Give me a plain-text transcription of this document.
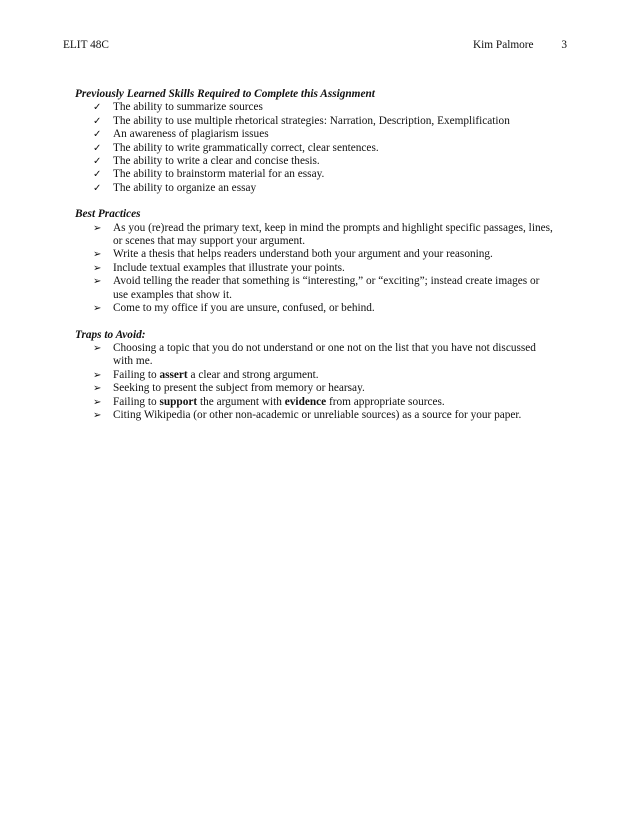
ELIT 48C	Kim Palmore 3

Previously Learned Skills Required to Complete this Assignment

✓	The ability to summarize sources
✓	The ability to use multiple rhetorical strategies: Narration, Description, Exemplification
✓	An awareness of plagiarism issues
✓	The ability to write grammatically correct, clear sentences.
✓	The ability to write a clear and concise thesis.
✓	The ability to brainstorm material for an essay.
✓	The ability to organize an essay

Best Practices

➢	As you (re)read the primary text, keep in mind the prompts and highlight specific passages, lines, or scenes that may support your argument.
➢	Write a thesis that helps readers understand both your argument and your reasoning.
➢	Include textual examples that illustrate your points.
➢	Avoid telling the reader that something is “interesting,” or “exciting”; instead create images or use examples that show it.
➢	Come to my office if you are unsure, confused, or behind.

Traps to Avoid:

➢	Choosing a topic that you do not understand or one not on the list that you have not discussed with me.
➢	Failing to assert a clear and strong argument.
➢	Seeking to present the subject from memory or hearsay.
➢	Failing to support the argument with evidence from appropriate sources.
➢	Citing Wikipedia (or other non-academic or unreliable sources) as a source for your paper.
